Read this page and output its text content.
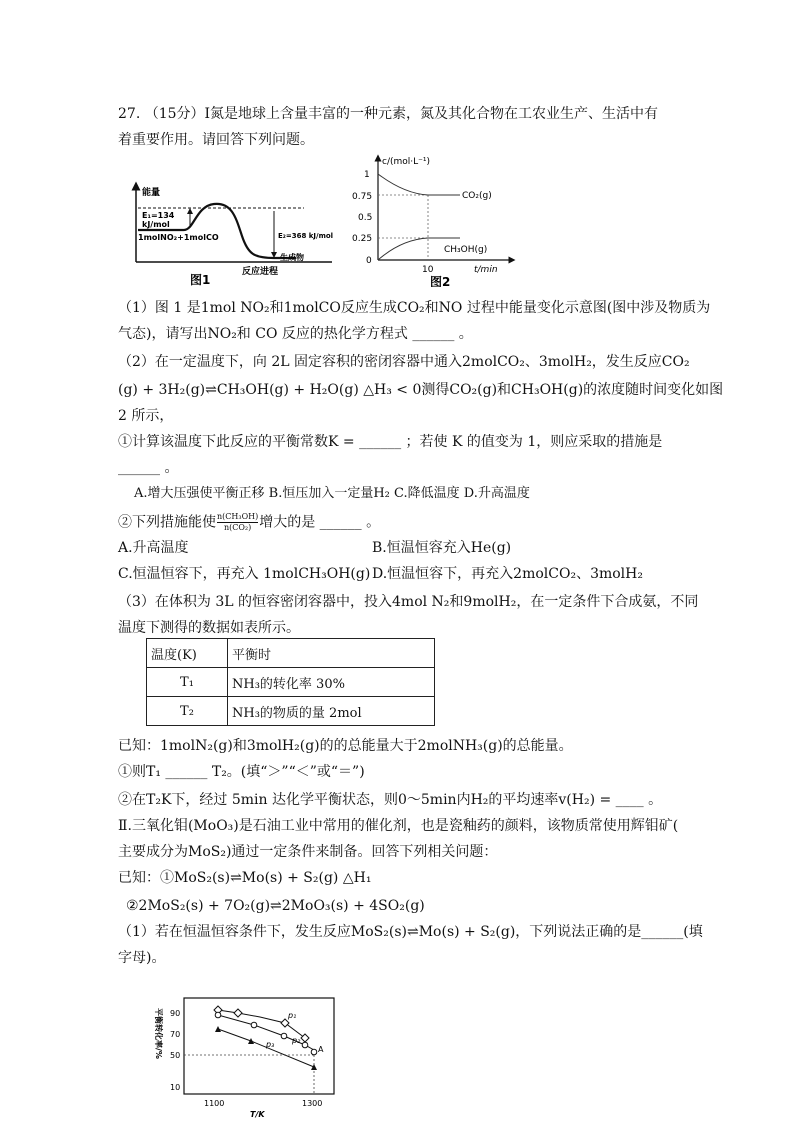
27. （15分）Ⅰ氮是地球上含量丰富的一种元素，氮及其化合物在工农业生产、生活中有
着重要作用。请回答下列问题。
能量
E₁=134
kJ/mol
1molNO₂+1molCO	E₂=368 kJ/mol
生成物
反应进程
图1
c/(mol·L⁻¹)
1
0.75
0.5
0.25
0
CO₂(g)
CH₃OH(g)
10	t/min
图2
（1）图 1 是1mol NO₂和1molCO反应生成CO₂和NO 过程中能量变化示意图(图中涉及物质为
气态)，请写出NO₂和 CO 反应的热化学方程式 ______ 。
（2）在一定温度下，向 2L 固定容积的密闭容器中通入2molCO₂、3molH₂，发生反应CO₂
(g) + 3H₂(g)⇌CH₃OH(g) + H₂O(g) △H₃ < 0测得CO₂(g)和CH₃OH(g)的浓度随时间变化如图
2 所示，
①计算该温度下此反应的平衡常数K = ______ ；若使 K 的值变为 1，则应采取的措施是
______ 。
A.增大压强使平衡正移 B.恒压加入一定量H₂ C.降低温度 D.升高温度
②下列措施能使 $\frac{\text{n(CH₃OH)}}{\text{n(CO₂)}}$ 增大的是 ______ 。
A.升高温度	B.恒温恒容充入He(g)
C.恒温恒容下，再充入 1molCH₃OH(g) D.恒温恒容下，再充入2molCO₂、3molH₂
（3）在体积为 3L 的恒容密闭容器中，投入4mol N₂和9molH₂，在一定条件下合成氨，不同
温度下测得的数据如表所示。
温度(K)	平衡时
T₁	NH₃的转化率 30%
T₂	NH₃的物质的量 2mol
已知：1molN₂(g)和3molH₂(g)的的总能量大于2molNH₃(g)的总能量。
①则T₁ ______ T₂。(填“＞”“＜”或“＝”)
②在T₂K下，经过 5min 达化学平衡状态，则0～5min内H₂的平均速率v(H₂) = ____ 。
Ⅱ.三氧化钼(MoO₃)是石油工业中常用的催化剂，也是瓷釉药的颜料，该物质常使用辉钼矿(
主要成分为MoS₂)通过一定条件来制备。回答下列相关问题：
已知：①MoS₂(s)⇌Mo(s) + S₂(g) △H₁
②2MoS₂(s) + 7O₂(g)⇌2MoO₃(s) + 4SO₂(g)
（1）若在恒温恒容条件下，发生反应MoS₂(s)⇌Mo(s) + S₂(g)，下列说法正确的是______(填
字母)。
平衡转化率/% 90
70
50
10
p₁
p₂
p₃
A
1100	1300
T/K
